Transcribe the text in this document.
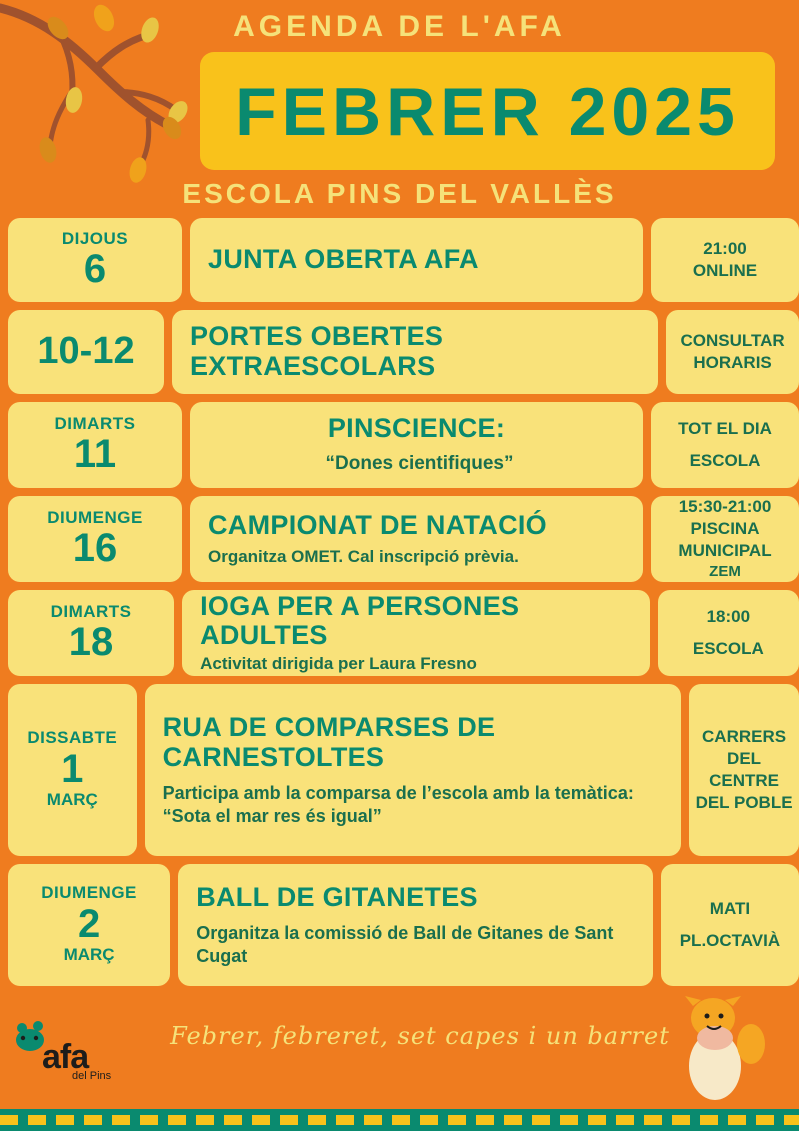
AGENDA DE L'AFA
FEBRER 2025
ESCOLA PINS DEL VALLÈS
DIJOUS
6	JUNTA OBERTA AFA	21:00
ONLINE
10-12 PORTES OBERTES EXTRAESCOLARS
CONSULTAR
HORARIS
DIMARTS
11
PINSCIENCE:
“Dones cientifiques”
TOT EL DIA
ESCOLA
DIUMENGE
16
CAMPIONAT DE NATACIÓ
Organitza OMET. Cal inscripció prèvia.
15:30-21:00
PISCINA
MUNICIPAL
ZEM
DIMARTS
18
IOGA PER A PERSONES ADULTES
Activitat dirigida per Laura Fresno
18:00
ESCOLA
DISSABTE
1
MARÇ
RUA DE COMPARSES DE CARNESTOLTES
Participa amb la comparsa de l’escola amb la temàtica: “Sota el mar res és igual”
CARRERS
DEL CENTRE
DEL POBLE
DIUMENGE
2
MARÇ
BALL DE GITANETES
Organitza la comissió de Ball de Gitanes de Sant Cugat
MATI
PL.OCTAVIÀ
afa
del Pins
Febrer, febreret, set capes i un barret
